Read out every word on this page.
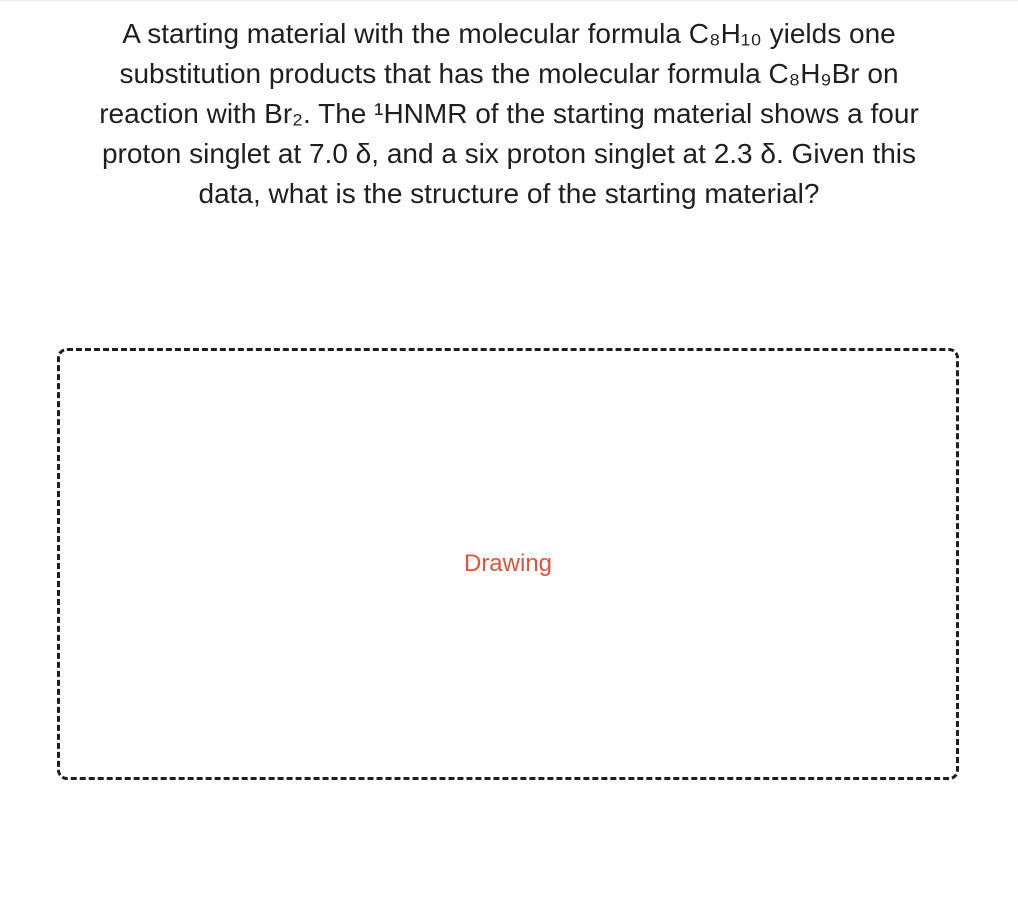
A starting material with the molecular formula C₈H₁₀ yields one
substitution products that has the molecular formula C₈H₉Br on
reaction with Br₂. The ¹HNMR of the starting material shows a four
proton singlet at 7.0 δ, and a six proton singlet at 2.3 δ. Given this
data, what is the structure of the starting material?
Drawing
